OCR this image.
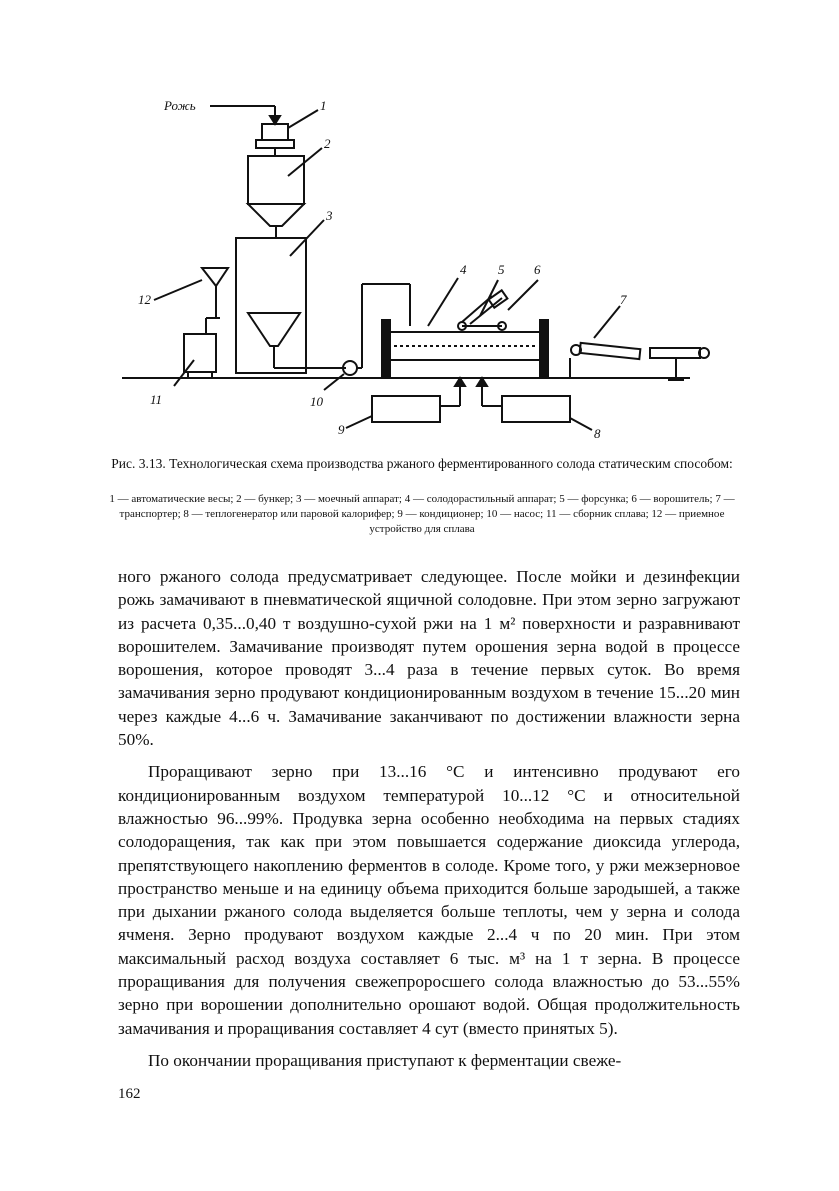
Рожь	1
2
3
4 5 6
7
8
9
10
11
12
Рис. 3.13. Технологическая схема производства ржаного ферментированного солода статическим способом:
1 — автоматические весы; 2 — бункер; 3 — моечный аппарат; 4 — солодорастильный аппарат; 5 — форсунка; 6 — ворошитель; 7 — транспортер; 8 — теплогенератор или паровой калорифер; 9 — кондиционер; 10 — насос; 11 — сборник сплава; 12 — приемное устройство для сплава

ного ржаного солода предусматривает следующее. После мойки и дезинфекции рожь замачивают в пневматической ящичной солодовне. При этом зерно загружают из расчета 0,35...0,40 т воздушно-сухой ржи на 1 м² поверхности и разравнивают ворошителем. Замачивание производят путем орошения зерна водой в процессе ворошения, которое проводят 3...4 раза в течение первых суток. Во время замачивания зерно продувают кондиционированным воздухом в течение 15...20 мин через каждые 4...6 ч. Замачивание заканчивают по достижении влажности зерна 50%.

Проращивают зерно при 13...16 °С и интенсивно продувают его кондиционированным воздухом температурой 10...12 °С и относительной влажностью 96...99%. Продувка зерна особенно необходима на первых стадиях солодоращения, так как при этом повышается содержание диоксида углерода, препятствующего накоплению ферментов в солоде. Кроме того, у ржи межзерновое пространство меньше и на единицу объема приходится больше зародышей, а также при дыхании ржаного солода выделяется больше теплоты, чем у зерна и солода ячменя. Зерно продувают воздухом каждые 2...4 ч по 20 мин. При этом максимальный расход воздуха составляет 6 тыс. м³ на 1 т зерна. В процессе проращивания для получения свежепроросшего солода влажностью до 53...55% зерно при ворошении дополнительно орошают водой. Общая продолжительность замачивания и проращивания составляет 4 сут (вместо принятых 5).

По окончании проращивания приступают к ферментации свеже-

162
